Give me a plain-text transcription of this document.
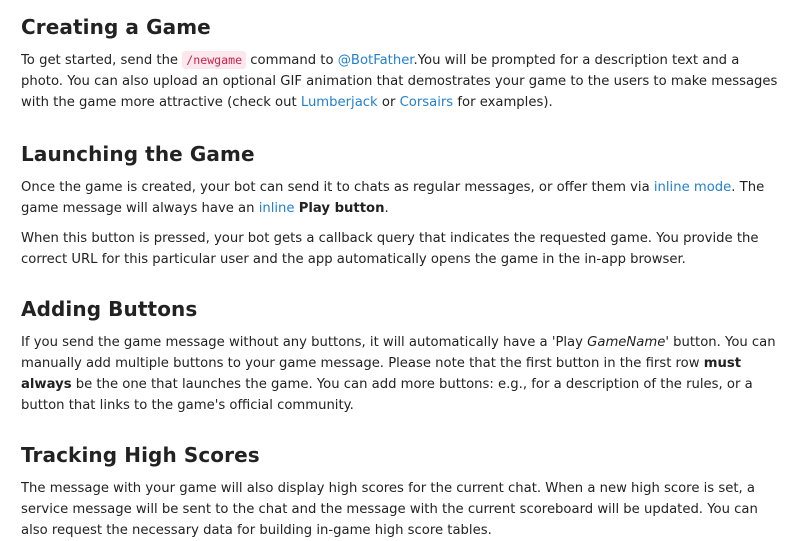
Creating a Game

To get started, send the /newgame command to @BotFather.You will be prompted for a description text and a photo. You can also upload an optional GIF animation that demostrates your game to the users to make messages with the game more attractive (check out Lumberjack or Corsairs for examples).

Launching the Game

Once the game is created, your bot can send it to chats as regular messages, or offer them via inline mode. The game message will always have an inline Play button.

When this button is pressed, your bot gets a callback query that indicates the requested game. You provide the correct URL for this particular user and the app automatically opens the game in the in-app browser.

Adding Buttons

If you send the game message without any buttons, it will automatically have a 'Play GameName' button. You can manually add multiple buttons to your game message. Please note that the first button in the first row must always be the one that launches the game. You can add more buttons: e.g., for a description of the rules, or a button that links to the game's official community.

Tracking High Scores

The message with your game will also display high scores for the current chat. When a new high score is set, a service message will be sent to the chat and the message with the current scoreboard will be updated. You can also request the necessary data for building in-game high score tables.
